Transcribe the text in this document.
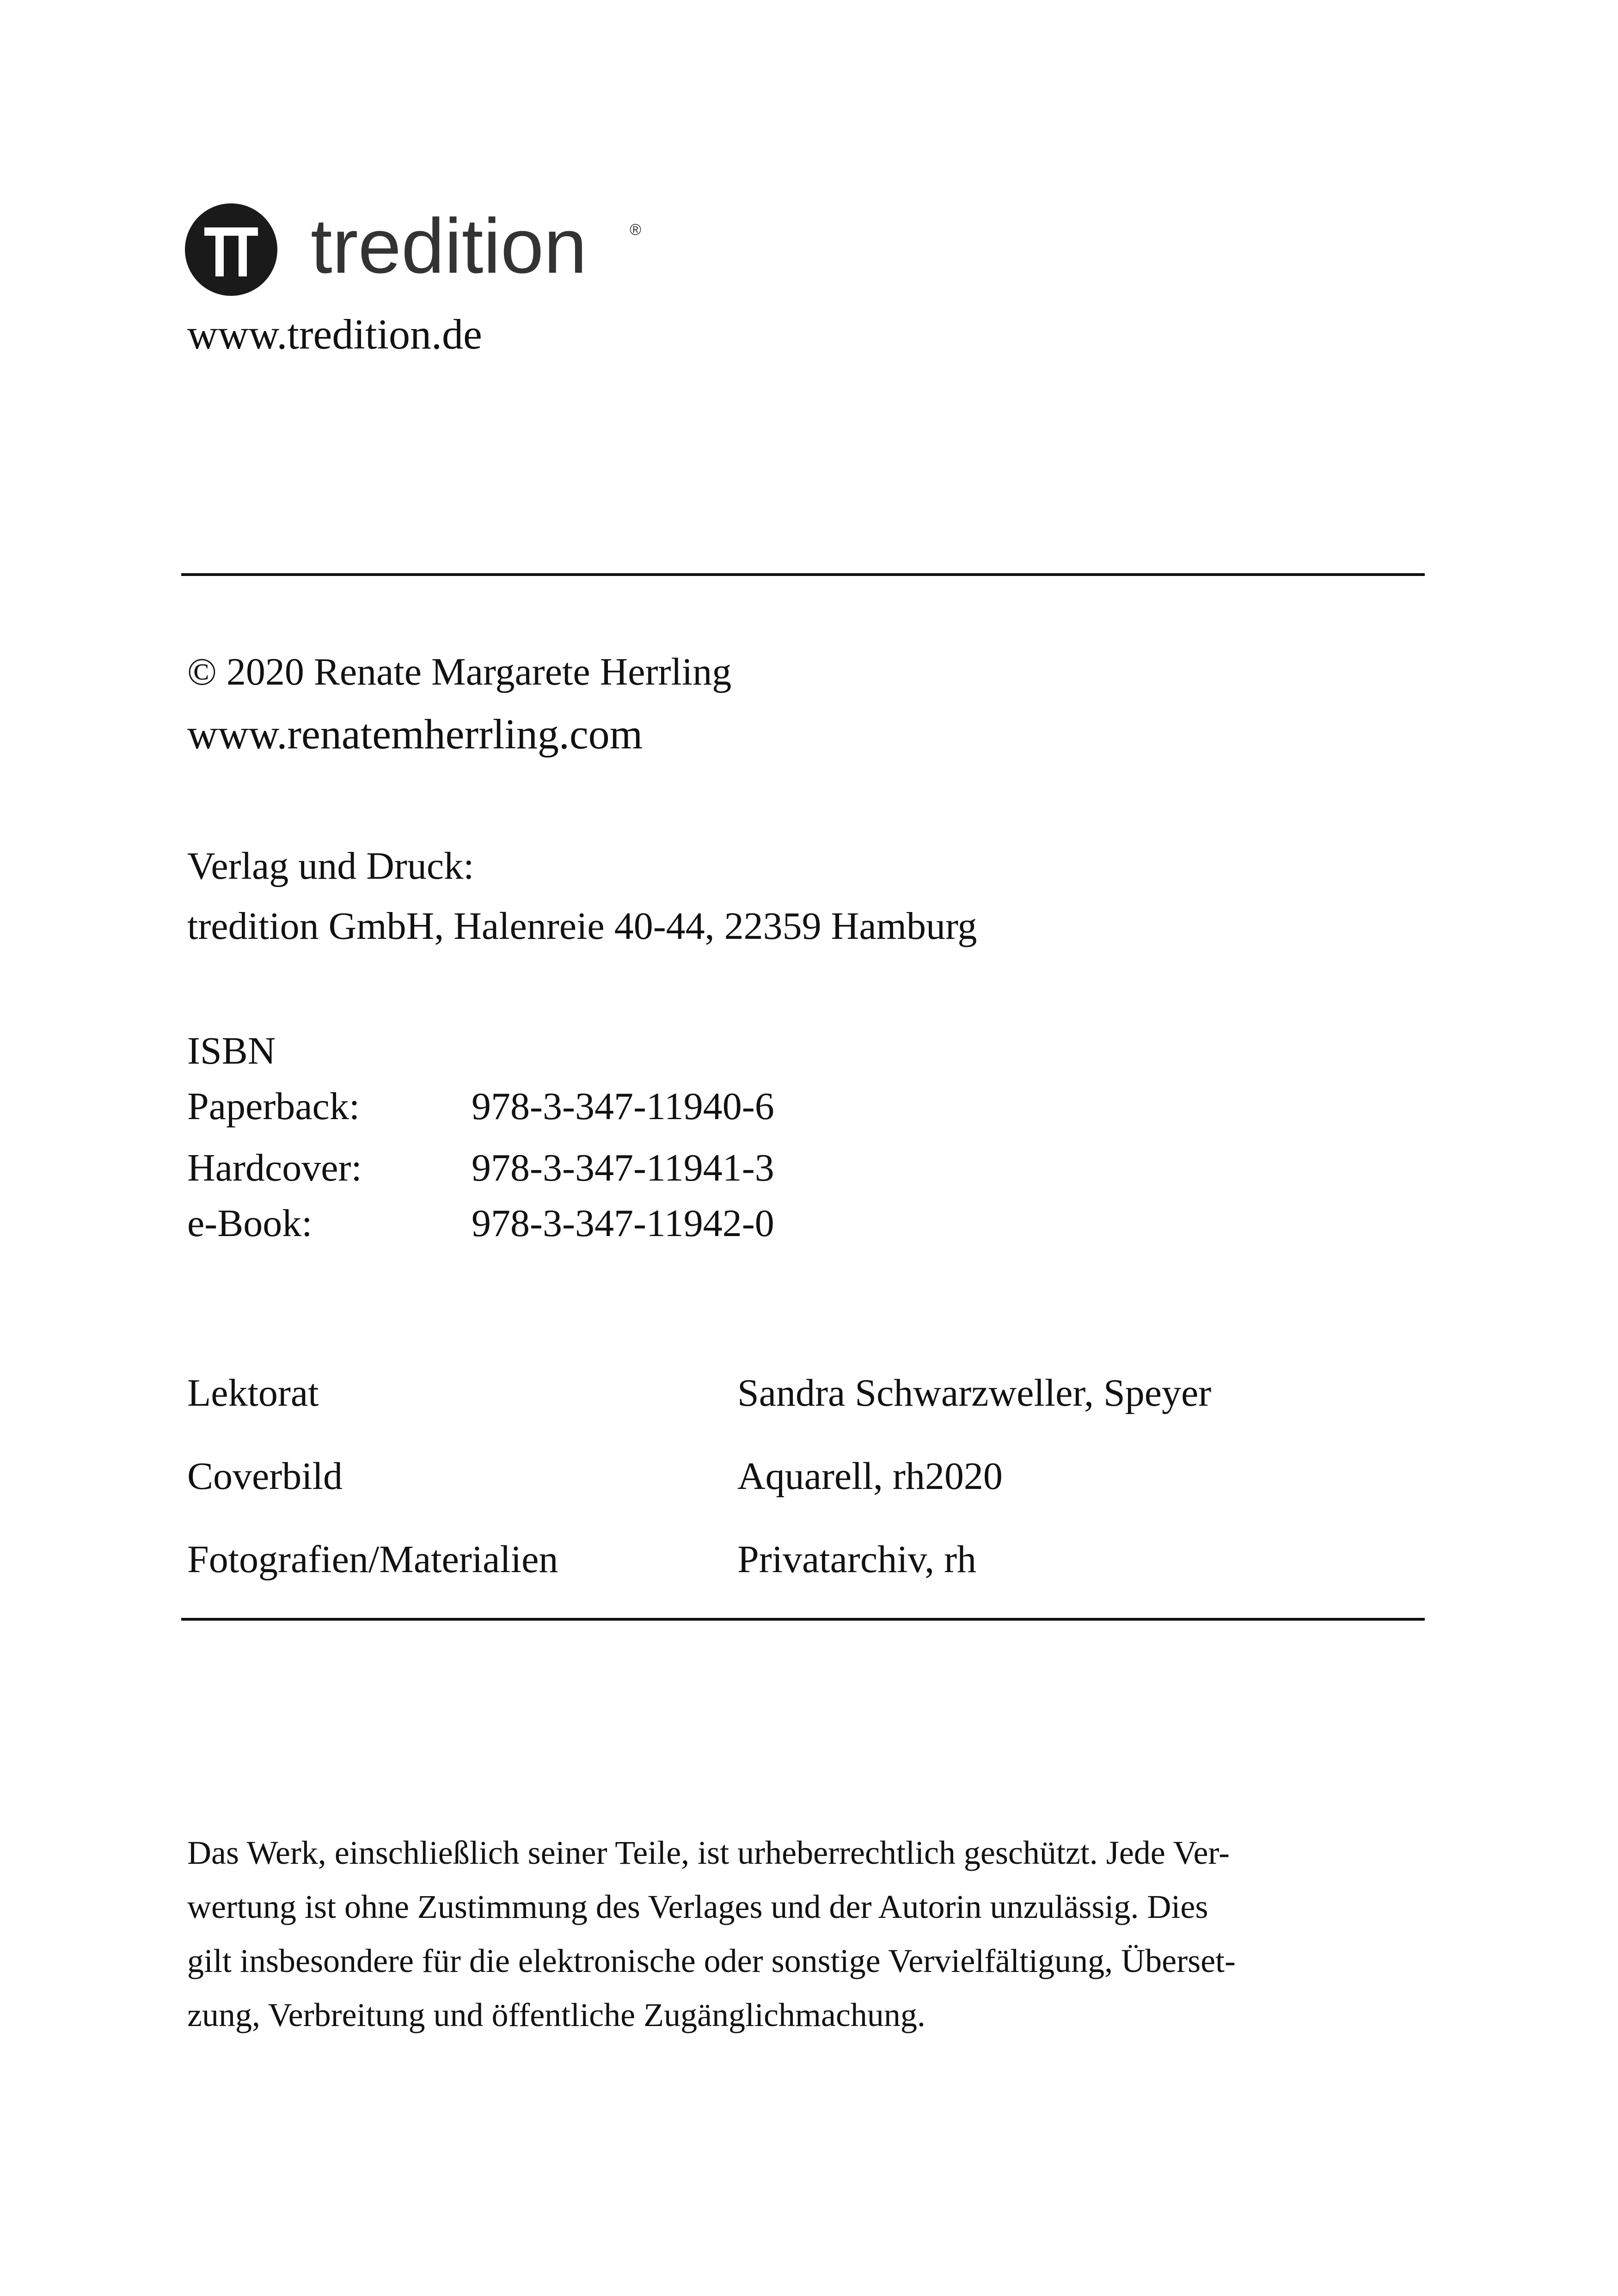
tredition	®
www.tredition.de
© 2020 Renate Margarete Herrling
www.renatemherrling.com
Verlag und Druck:
tredition GmbH, Halenreie 40-44, 22359 Hamburg
ISBN
Paperback:	978-3-347-11940-6
Hardcover:	978-3-347-11941-3
e-Book:	978-3-347-11942-0
Lektorat	Sandra Schwarzweller, Speyer
Coverbild	Aquarell, rh2020
Fotografien/Materialien	Privatarchiv, rh
Das Werk, einschließlich seiner Teile, ist urheberrechtlich geschützt. Jede Ver-
wertung ist ohne Zustimmung des Verlages und der Autorin unzulässig. Dies
gilt insbesondere für die elektronische oder sonstige Vervielfältigung, Überset-
zung, Verbreitung und öffentliche Zugänglichmachung.
